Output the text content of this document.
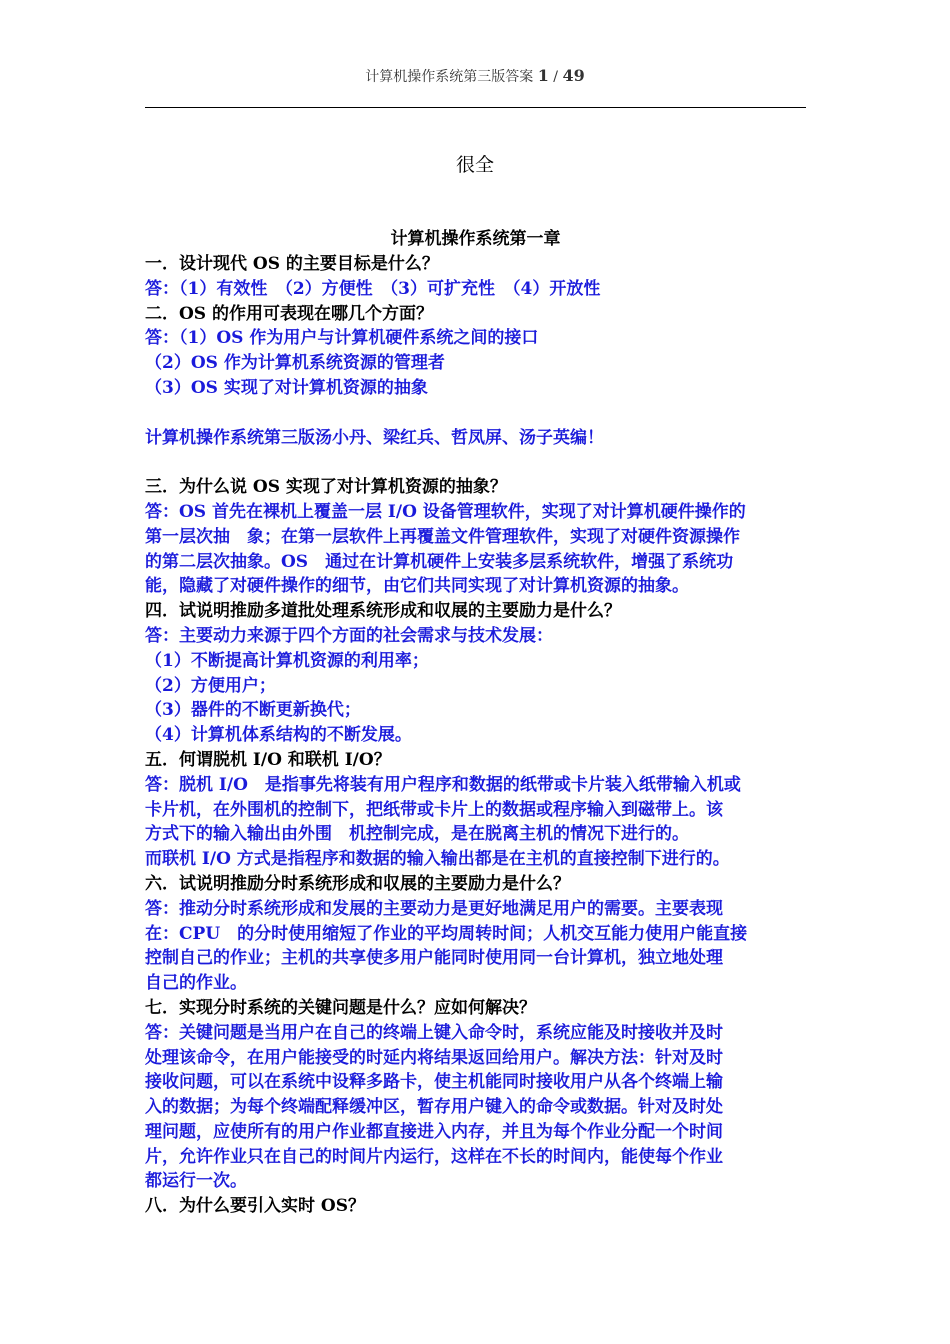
计算机操作系统第三版答案 1 / 49
很全
计算机操作系统第一章
一．设计现代 OS 的主要目标是什么？
答：（1）有效性　（2）方便性　（3）可扩充性　（4）开放性
二．OS 的作用可表现在哪几个方面？
答：（1）OS 作为用户与计算机硬件系统之间的接口
（2）OS 作为计算机系统资源的管理者
（3）OS 实现了对计算机资源的抽象
计算机操作系统第三版汤小丹、梁红兵、哲凤屏、汤子英编！
三．为什么说 OS 实现了对计算机资源的抽象？
答：OS 首先在裸机上覆盖一层 I/O 设备管理软件，实现了对计算机硬件操作的
第一层次抽　象；在第一层软件上再覆盖文件管理软件，实现了对硬件资源操作
的第二层次抽象。OS　通过在计算机硬件上安装多层系统软件，增强了系统功
能，隐藏了对硬件操作的细节，由它们共同实现了对计算机资源的抽象。
四．试说明推励多道批处理系统形成和収展的主要励力是什么？
答：主要动力来源于四个方面的社会需求与技术发展：
（1）不断提高计算机资源的利用率；
（2）方便用户；
（3）器件的不断更新换代；
（4）计算机体系结构的不断发展。
五．何谓脱机 I/O 和联机 I/O？
答：脱机 I/O　是指事先将装有用户程序和数据的纸带或卡片装入纸带输入机或
卡片机，在外围机的控制下，把纸带或卡片上的数据或程序输入到磁带上。该
方式下的输入输出由外围　机控制完成，是在脱离主机的情况下进行的。
而联机 I/O 方式是指程序和数据的输入输出都是在主机的直接控制下进行的。
六．试说明推励分时系统形成和収展的主要励力是什么？
答：推动分时系统形成和发展的主要动力是更好地满足用户的需要。主要表现
在：CPU　的分时使用缩短了作业的平均周转时间；人机交互能力使用户能直接
控制自己的作业；主机的共享使多用户能同时使用同一台计算机，独立地处理
自己的作业。
七．实现分时系统的关键问题是什么？应如何解决？
答：关键问题是当用户在自己的终端上键入命令时，系统应能及时接收并及时
处理该命令，在用户能接受的时延内将结果返回给用户。解决方法：针对及时
接收问题，可以在系统中设释多路卡，使主机能同时接收用户从各个终端上输
入的数据；为每个终端配释缓冲区，暂存用户键入的命令或数据。针对及时处
理问题，应使所有的用户作业都直接进入内存，并且为每个作业分配一个时间
片，允许作业只在自己的时间片内运行，这样在不长的时间内，能使每个作业
都运行一次。
八．为什么要引入实时 OS？
